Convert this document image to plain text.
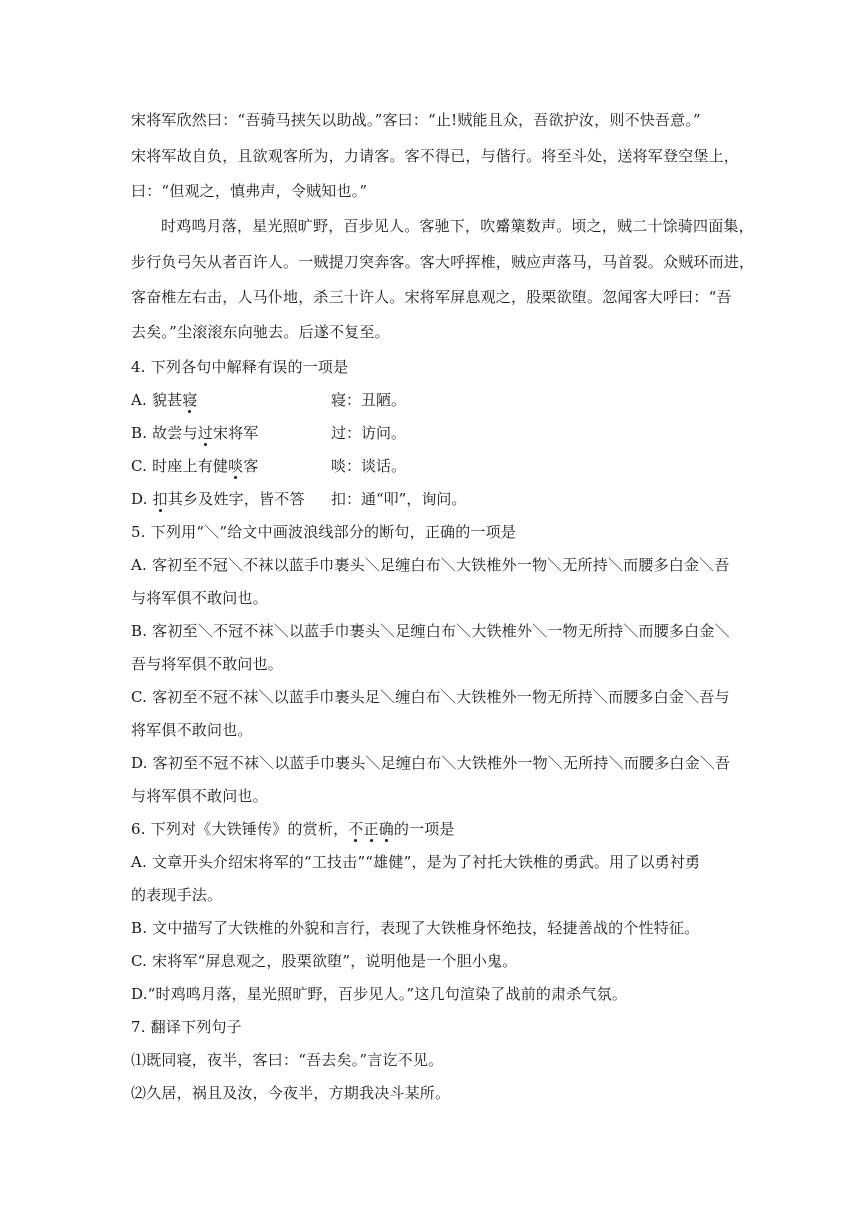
宋将军欣然曰：“吾骑马挟矢以助战。”客曰：“止!贼能且众，吾欲护汝，则不快吾意。”
宋将军故自负，且欲观客所为，力请客。客不得已，与偕行。将至斗处，送将军登空堡上，
曰：“但观之，慎弗声，令贼知也。”
时鸡鸣月落，星光照旷野，百步见人。客驰下，吹觱篥数声。顷之，贼二十馀骑四面集，
步行负弓矢从者百许人。一贼提刀突奔客。客大呼挥椎，贼应声落马，马首裂。众贼环而进，
客奋椎左右击，人马仆地，杀三十许人。宋将军屏息观之，股栗欲堕。忽闻客大呼曰：“吾
去矣。”尘滚滚东向驰去。后遂不复至。
4. 下列各句中解释有误的一项是
A. 貌甚寝	寝：丑陋。
B. 故尝与过宋将军	过：访问。
C. 时座上有健啖客	啖：谈话。
D. 扣其乡及姓字，皆不答	扣：通“叩”，询问。
5. 下列用“＼”给文中画波浪线部分的断句，正确的一项是
A. 客初至不冠＼不袜以蓝手巾裹头＼足缠白布＼大铁椎外一物＼无所持＼而腰多白金＼吾
与将军俱不敢问也。
B. 客初至＼不冠不袜＼以蓝手巾裹头＼足缠白布＼大铁椎外＼一物无所持＼而腰多白金＼
吾与将军俱不敢问也。
C. 客初至不冠不袜＼以蓝手巾裹头足＼缠白布＼大铁椎外一物无所持＼而腰多白金＼吾与
将军俱不敢问也。
D. 客初至不冠不袜＼以蓝手巾裹头＼足缠白布＼大铁椎外一物＼无所持＼而腰多白金＼吾
与将军俱不敢问也。
6. 下列对《大铁锤传》的赏析，不正确的一项是
A. 文章开头介绍宋将军的“工技击”“雄健”，是为了衬托大铁椎的勇武。用了以勇衬勇
的表现手法。
B. 文中描写了大铁椎的外貌和言行，表现了大铁椎身怀绝技，轻捷善战的个性特征。
C. 宋将军“屏息观之，股栗欲堕”，说明他是一个胆小鬼。
D.“时鸡鸣月落，星光照旷野，百步见人。”这几句渲染了战前的肃杀气氛。
7. 翻译下列句子
⑴既同寝，夜半，客曰：“吾去矣。”言讫不见。
⑵久居，祸且及汝，今夜半，方期我决斗某所。
